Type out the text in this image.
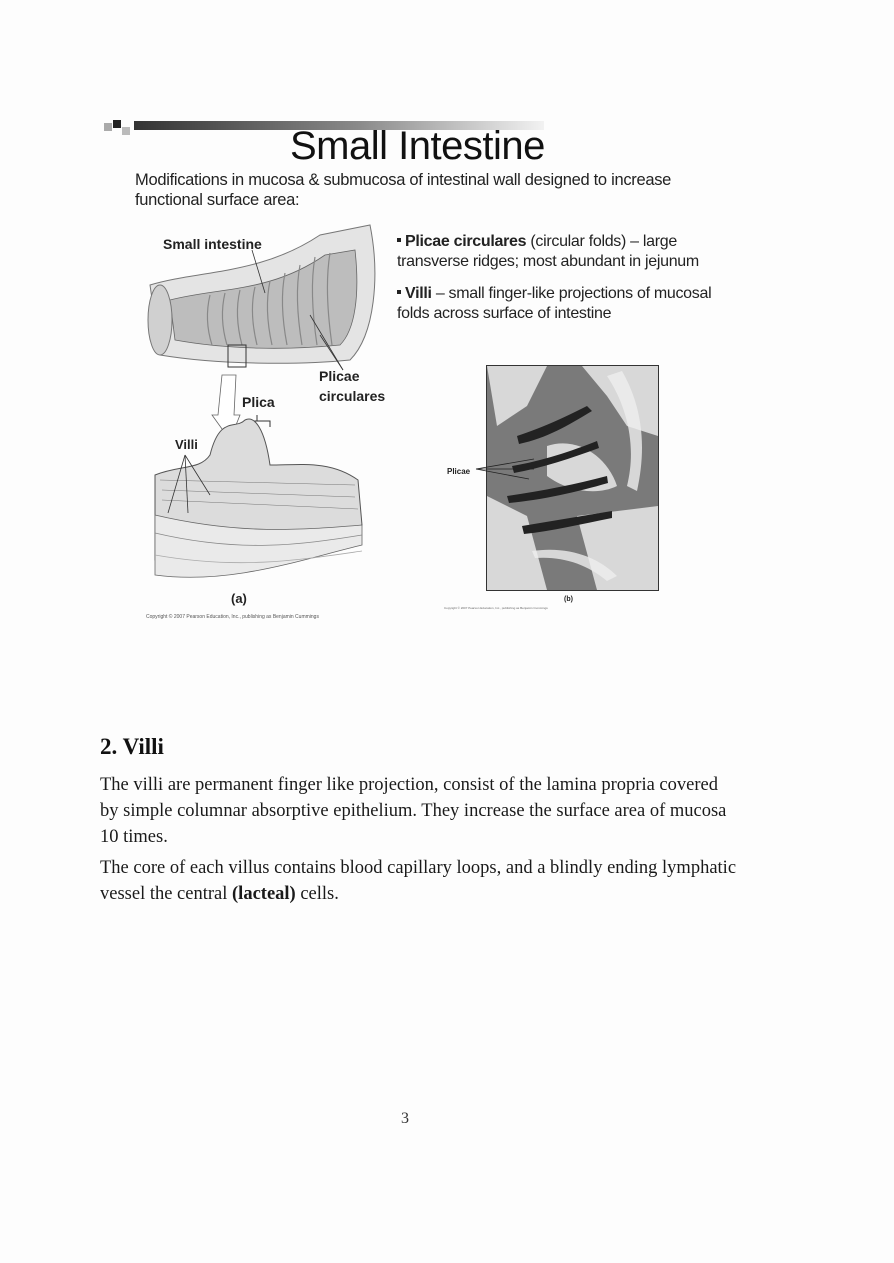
Small Intestine
Modifications in mucosa & submucosa of intestinal wall designed to increase functional surface area:
Small intestine
Plicae
circulares
Plica
Villi
(a)
Copyright © 2007 Pearson Education, Inc., publishing as Benjamin Cummings
Plicae circulares (circular folds) – large transverse ridges; most abundant in jejunum
Villi – small finger-like projections of mucosal folds across surface of intestine
Plicae
(b)
Copyright © 2007 Pearson Education, Inc., publishing as Benjamin Cummings
2. Villi

The villi are permanent finger like projection, consist of the lamina propria covered by simple columnar absorptive epithelium. They increase the surface area of mucosa 10 times.

The core of each villus contains blood capillary loops, and a blindly ending lymphatic vessel the central (lacteal) cells.

3
